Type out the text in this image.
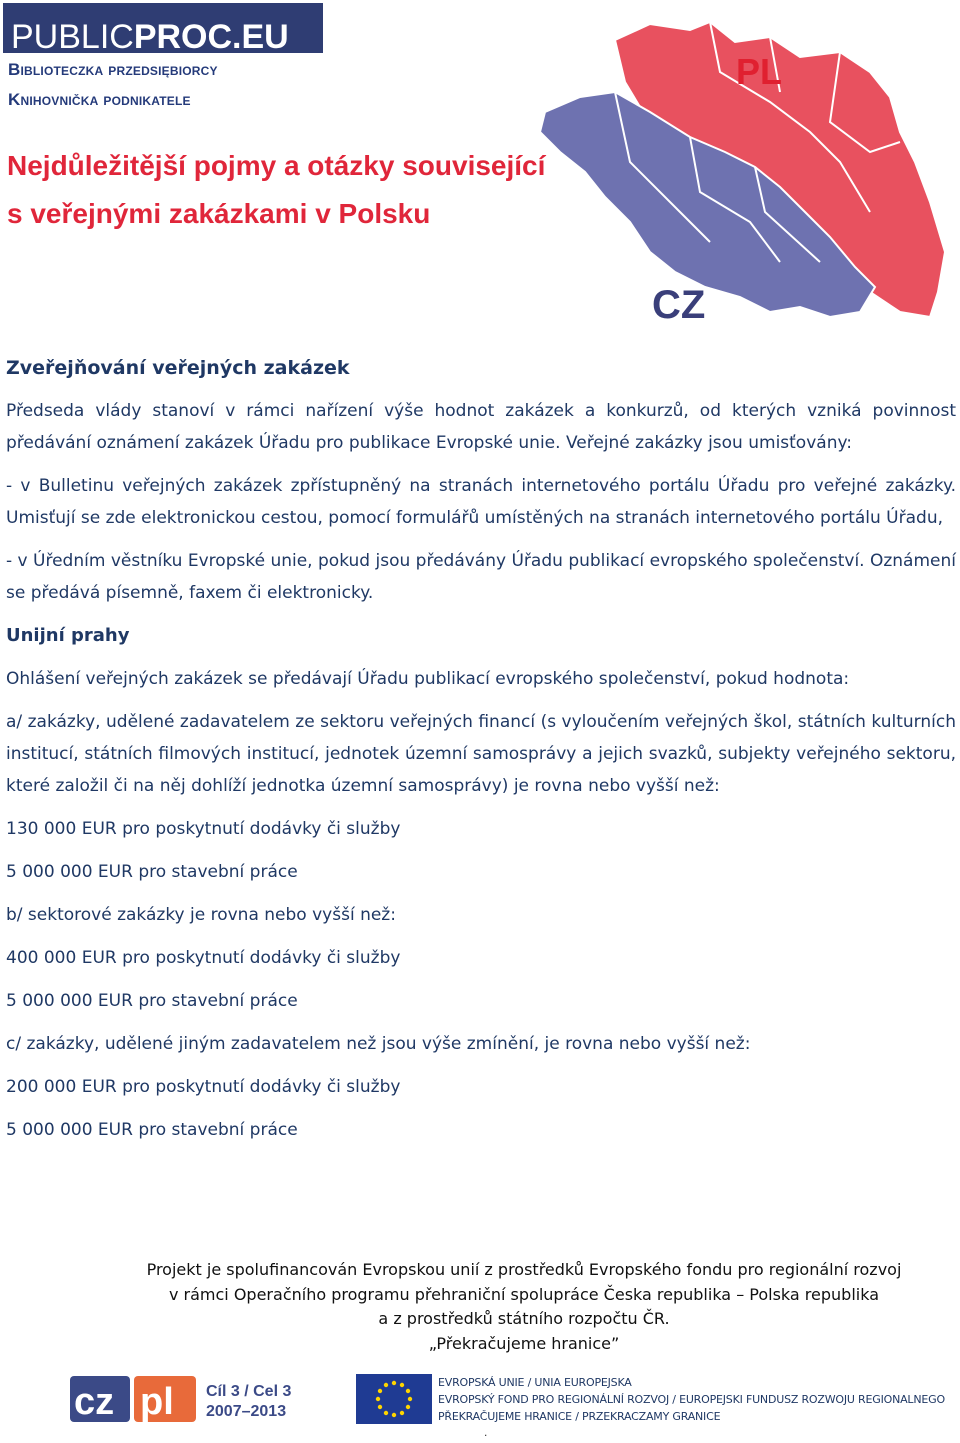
PUBLICPROC.EU
Biblioteczka przedsiębiorcy
Knihovnička podnikatele
Nejdůležitější pojmy a otázky související
s veřejnými zakázkami v Polsku
PL
CZ
Zveřejňování veřejných zakázek

Předseda vlády stanoví v rámci nařízení výše hodnot zakázek a konkurzů, od kterých vzniká povinnost předávání oznámení zakázek Úřadu pro publikace Evropské unie. Veřejné zakázky jsou umisťovány:

- v Bulletinu veřejných zakázek zpřístupněný na stranách internetového portálu Úřadu pro veřejné zakázky. Umisťují se zde elektronickou cestou, pomocí formulářů umístěných na stranách internetového portálu Úřadu,

- v Úředním věstníku Evropské unie, pokud jsou předávány Úřadu publikací evropského společenství. Oznámení se předává písemně, faxem či elektronicky.

Unijní prahy

Ohlášení veřejných zakázek se předávají Úřadu publikací evropského společenství, pokud hodnota:

a/ zakázky, udělené zadavatelem ze sektoru veřejných financí (s vyloučením veřejných škol, státních kulturních institucí, státních filmových institucí, jednotek územní samosprávy a jejich svazků, subjekty veřejného sektoru, které založil či na něj dohlíží jednotka územní samosprávy) je rovna nebo vyšší než:

130 000 EUR pro poskytnutí dodávky či služby

5 000 000 EUR pro stavební práce

b/ sektorové zakázky je rovna nebo vyšší než:

400 000 EUR pro poskytnutí dodávky či služby

5 000 000 EUR pro stavební práce

c/ zakázky, udělené jiným zadavatelem než jsou výše zmínění, je rovna nebo vyšší než:

200 000 EUR pro poskytnutí dodávky či služby

5 000 000 EUR pro stavební práce

Projekt je spolufinancován Evropskou unií z prostředků Evropského fondu pro regionální rozvoj
v rámci Operačního programu přehraniční spolupráce Česka republika – Polska republika
a z prostředků státního rozpočtu ČR.
„Překračujeme hranice”
cz pl Cíl 3 / Cel 3
2007–2013
EVROPSKÁ UNIE / UNIA EUROPEJSKA
EVROPSKÝ FOND PRO REGIONÁLNÍ ROZVOJ / EUROPEJSKI FUNDUSZ ROZWOJU REGIONALNEGO
PŘEKRAČUJEME HRANICE / PRZEKRACZAMY GRANICE
.
